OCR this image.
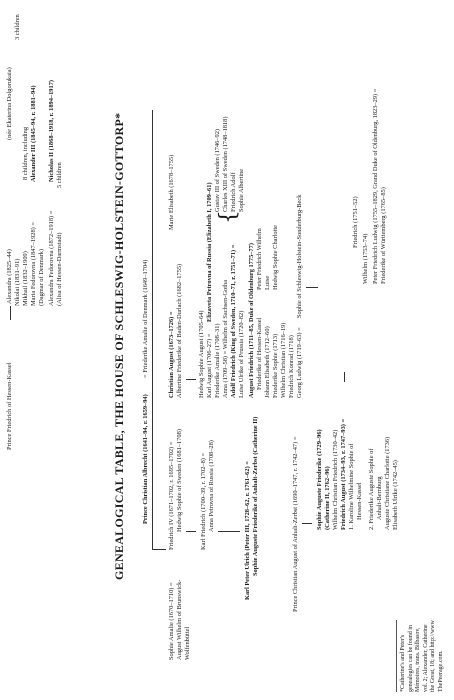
Prince Friedrich of Hessen-Kassel
Alexandra (1825–44) Nikolai (1831–91) Mikhail (1832–1909) Maria Fedorovna (1847–1928) =
Alexander III (1845–94, r. 1881–94)
(Dagmar of Denmark) Alexandra Fedorovna (1872–1918) =
Nicholas II (1868–1918, r. 1894–1917)
(Alisa of Hessen-Darmstadt)
5 children
(née Ekaterina Dolgorukaia)
3 children
8 children, including	GENEALOGICAL TABLE, THE HOUSE OF SCHLESWIG-HOLSTEIN-GOTTORP*	Prince Christian Albrecht (1641–94, r. 1659–94)
= Friederike Amalie of Denmark (1649–1704)
Sophie Amalie (1670–1710) = August Wilhelm of Brunswick- Wolfenbüttel
Friedrich IV (1671–1702, r. 1695–1702) = Hedwig Sophie of Sweden (1681–1708)
Christian August (1673–1726) = Albertine Friederike of Baden-Durlach (1682–1755)
Marie Elisabeth (1678–1755)
Karl Friedrich (1700–39, r. 1702–8) = Anna Petrovna of Russia (1708–28)
Hedwig Sophie August (1705–64) Karl August (1706–27) =
Elizaveta Petrovna of Russia (Elizabeth I, 1709–61)
Friederike Amalie (1708–31) Anna (1709–58) = Wilhelm of Sachsen-Gotha Adolf Friedrich (King of Sweden, 1710–71, r. 1751–71) = Luise Ulrike of Prussia (1720–82)
{
Gustav III of Sweden (1746–92) Charles XIII of Sweden (1748–1818) Friedrich Adolf Sophie Albertine
August Friedrich (1711–85, Duke of Oldenburg 1775–77) Friederike of Hessen-Kassel
Peter Friedrich Wilhelm
Johann Elisabeth (1712–60)
Luise
Friederike Sophie (1713)
Hedwig Sophie Charlotte
Wilhelm Christian (1716–19) Friedrich Konrad (1718) Georg Ludwig (1719–63) =
Sophie of Schleswig-Holstein-Sonderburg-Beck
Karl Peter Ulrich (Peter III, 1728–62, r. 1761–62) = Sophie Auguste Friederike of Anhalt-Zerbst (Catherine II)	Prince Christian August of Anhalt-Zerbst (1690–1747, r. 1742–47) =	Sophie Auguste Friederike (1729–96) (Catherine II, 1762–96) Wilhelm Christian Friedrich (1730–42) Friedrich August (1734–93, r. 1747–93) = 1. Karoline Wilhelmine Sophie of Hessen-Kassel 2. Friederike Auguste Sophie of Anhalt-Bernburg Auguste Christiane Charlotte (1736) Elisabeth Ulrike (1742–45)
Friedrich (1751–52)
Wilhelm (1753–74) Peter Friedrich Ludwig (1755–1829, Grand Duke of Oldenburg, 1823–29) = Friederike of Württemberg (1765–85)
*Catherine's and Peter's genealogies can be found in Mémoires, trans. Bilbasov, vol. 2; Alexander, Catherine the Great, 18; and http://www ThePeerage.com.
